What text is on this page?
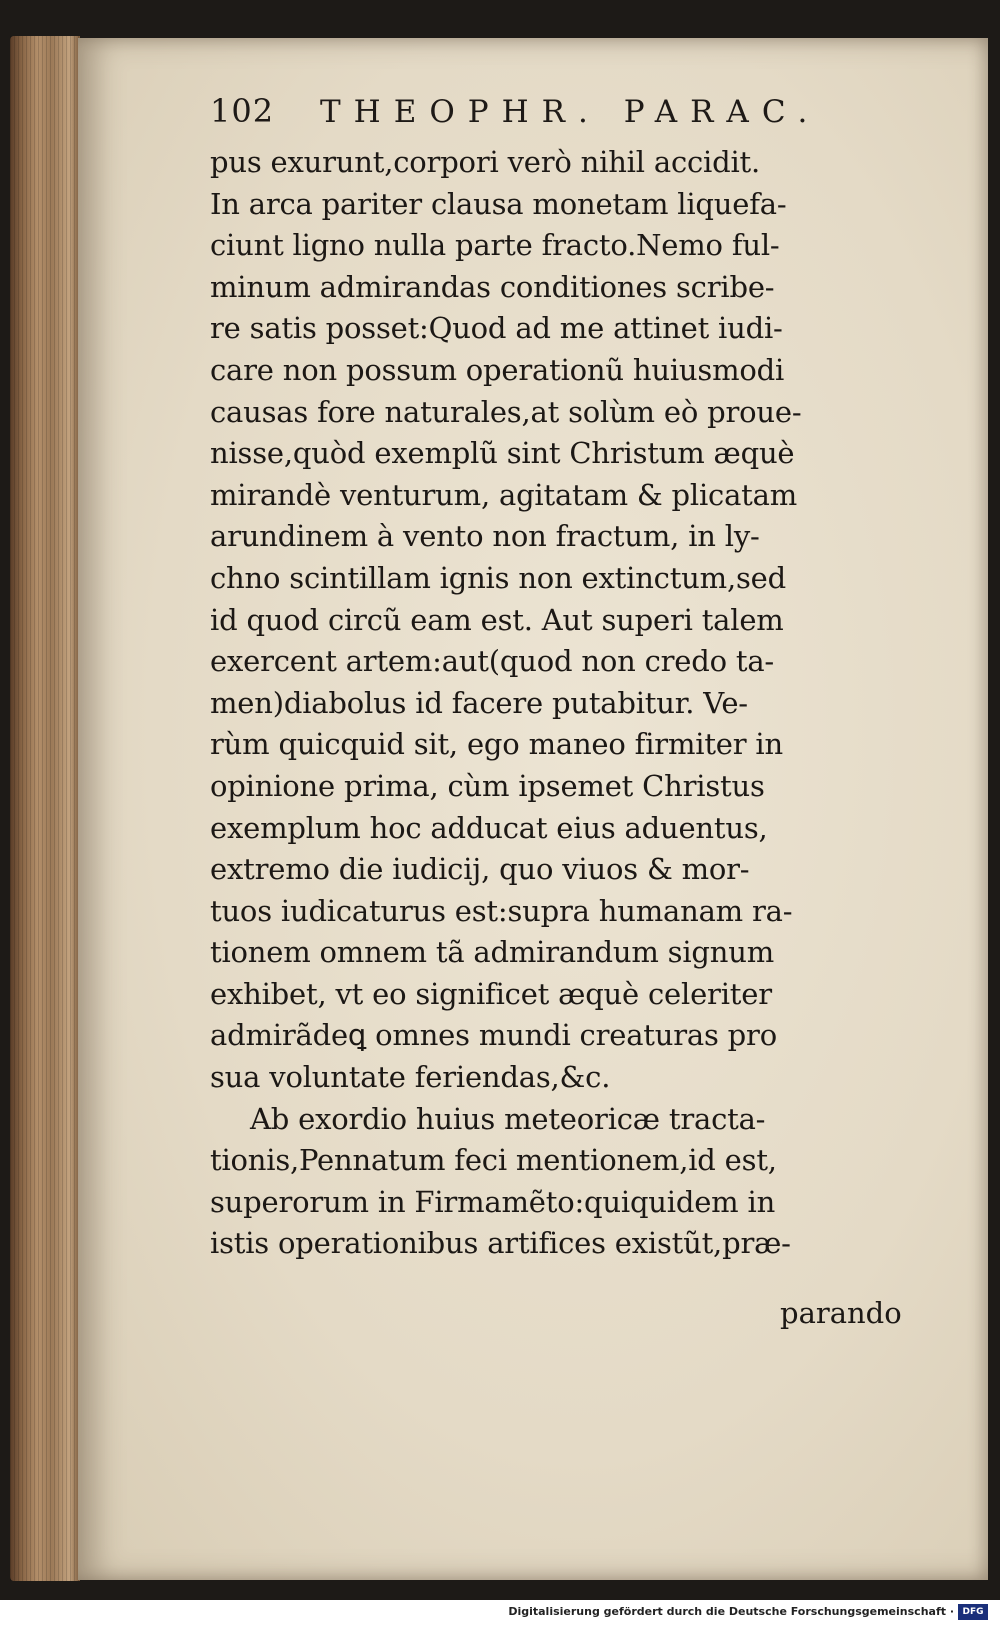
102	THEOPHR. PARAC.
pus exurunt,corpori verò nihil accidit.
In arca pariter clausa monetam liquefa-
ciunt ligno nulla parte fracto.Nemo ful-
minum admirandas conditiones scribe-
re satis posset:Quod ad me attinet iudi-
care non possum operationũ huiusmodi
causas fore naturales,at solùm eò proue-
nisse,quòd exemplũ sint Christum æquè
mirandè venturum, agitatam & plicatam
arundinem à vento non fractum, in ly-
chno scintillam ignis non extinctum,sed
id quod circũ eam est. Aut superi talem
exercent artem:aut(quod non credo ta-
men)diabolus id facere putabitur. Ve-
rùm quicquid sit, ego maneo firmiter in
opinione prima, cùm ipsemet Christus
exemplum hoc adducat eius aduentus,
extremo die iudicij, quo viuos & mor-
tuos iudicaturus est:supra humanam ra-
tionem omnem tã admirandum signum
exhibet, vt eo significet æquè celeriter
admirãdeꝗ omnes mundi creaturas pro
sua voluntate feriendas,&c.
Ab exordio huius meteoricæ tracta-
tionis,Pennatum feci mentionem,id est,
superorum in Firmamẽto:quiquidem in
istis operationibus artifices existũt,præ-
parando
Digitalisierung gefördert durch die Deutsche Forschungsgemeinschaft · DFG
